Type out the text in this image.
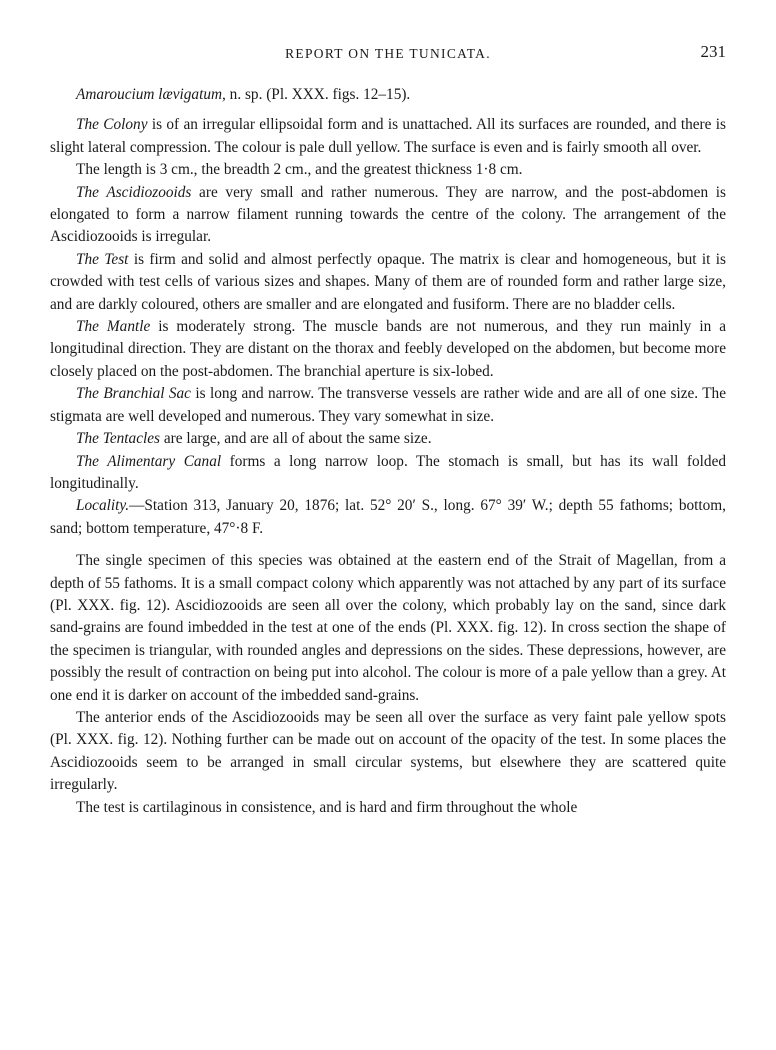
REPORT ON THE TUNICATA.	231

Amaroucium lævigatum, n. sp. (Pl. XXX. figs. 12–15).

The Colony is of an irregular ellipsoidal form and is unattached. All its surfaces are rounded, and there is slight lateral compression. The colour is pale dull yellow. The surface is even and is fairly smooth all over.

The length is 3 cm., the breadth 2 cm., and the greatest thickness 1·8 cm.

The Ascidiozooids are very small and rather numerous. They are narrow, and the post-abdomen is elongated to form a narrow filament running towards the centre of the colony. The arrangement of the Ascidiozooids is irregular.

The Test is firm and solid and almost perfectly opaque. The matrix is clear and homogeneous, but it is crowded with test cells of various sizes and shapes. Many of them are of rounded form and rather large size, and are darkly coloured, others are smaller and are elongated and fusiform. There are no bladder cells.

The Mantle is moderately strong. The muscle bands are not numerous, and they run mainly in a longitudinal direction. They are distant on the thorax and feebly developed on the abdomen, but become more closely placed on the post-abdomen. The branchial aperture is six-lobed.

The Branchial Sac is long and narrow. The transverse vessels are rather wide and are all of one size. The stigmata are well developed and numerous. They vary somewhat in size.

The Tentacles are large, and are all of about the same size.

The Alimentary Canal forms a long narrow loop. The stomach is small, but has its wall folded longitudinally.

Locality.—Station 313, January 20, 1876; lat. 52° 20′ S., long. 67° 39′ W.; depth 55 fathoms; bottom, sand; bottom temperature, 47°·8 F.

The single specimen of this species was obtained at the eastern end of the Strait of Magellan, from a depth of 55 fathoms. It is a small compact colony which apparently was not attached by any part of its surface (Pl. XXX. fig. 12). Ascidiozooids are seen all over the colony, which probably lay on the sand, since dark sand-grains are found imbedded in the test at one of the ends (Pl. XXX. fig. 12). In cross section the shape of the specimen is triangular, with rounded angles and depressions on the sides. These depressions, however, are possibly the result of contraction on being put into alcohol. The colour is more of a pale yellow than a grey. At one end it is darker on account of the imbedded sand-grains.

The anterior ends of the Ascidiozooids may be seen all over the surface as very faint pale yellow spots (Pl. XXX. fig. 12). Nothing further can be made out on account of the opacity of the test. In some places the Ascidiozooids seem to be arranged in small circular systems, but elsewhere they are scattered quite irregularly.

The test is cartilaginous in consistence, and is hard and firm throughout the whole
